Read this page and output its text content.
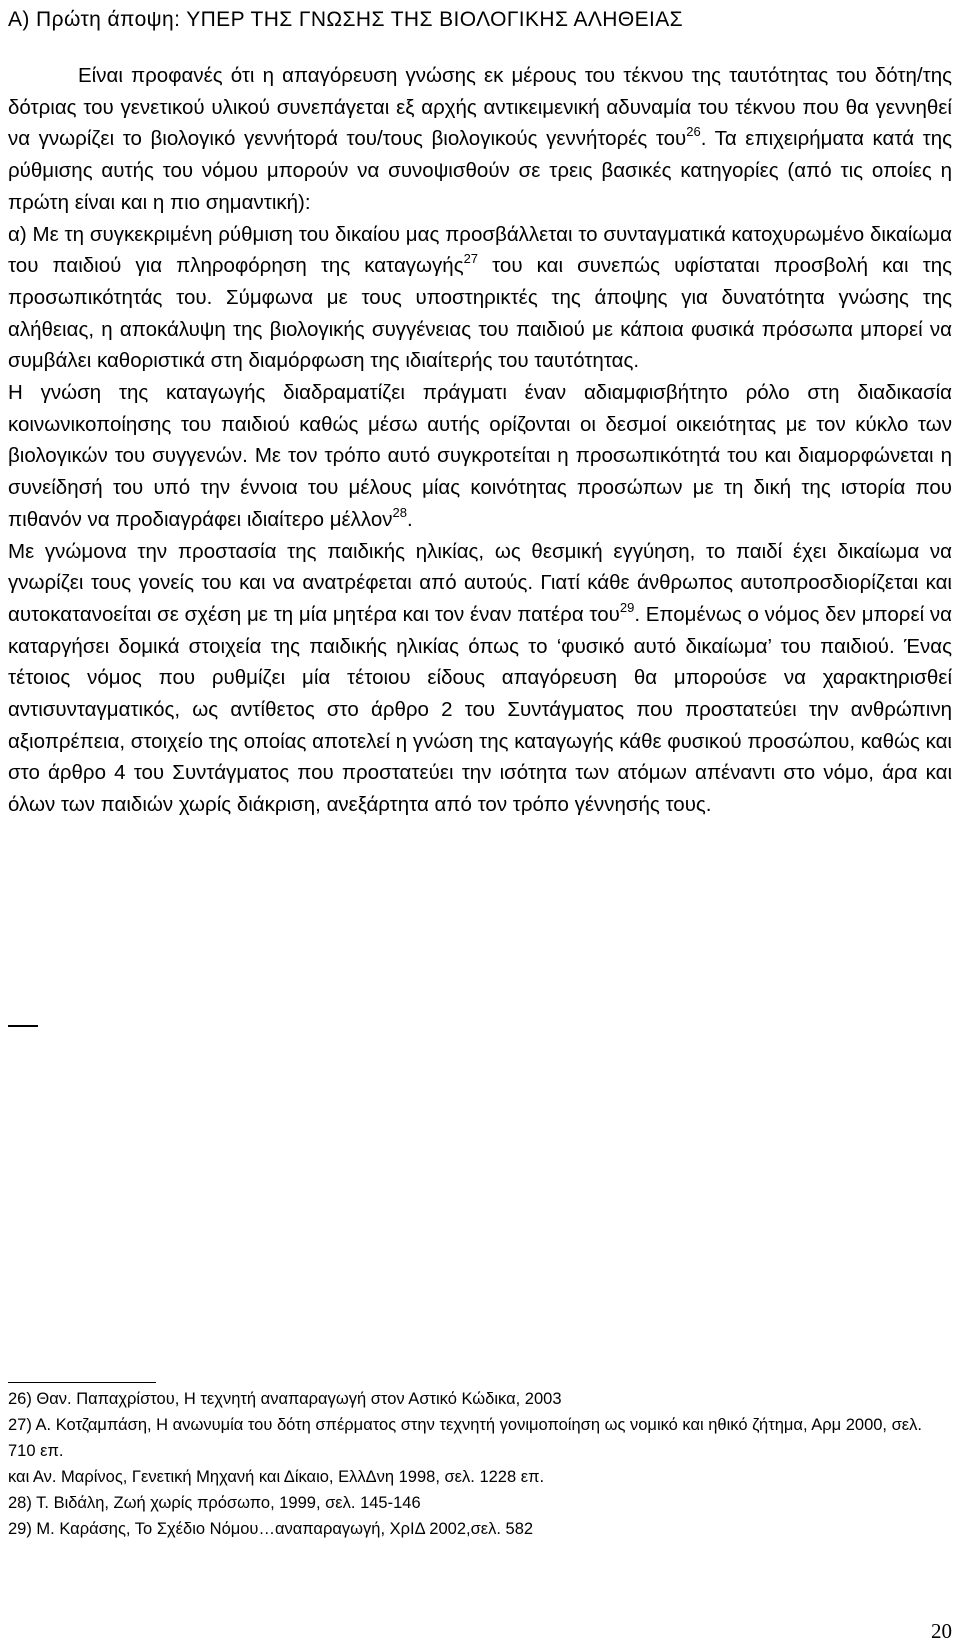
A) Πρώτη άποψη: ΥΠΕΡ ΤΗΣ ΓΝΩΣΗΣ ΤΗΣ ΒΙΟΛΟΓΙΚΗΣ ΑΛΗΘΕΙΑΣ

Είναι προφανές ότι η απαγόρευση γνώσης εκ μέρους του τέκνου της ταυτότητας του δότη/της δότριας του γενετικού υλικού συνεπάγεται εξ αρχής αντικειμενική αδυναμία του τέκνου που θα γεννηθεί να γνωρίζει το βιολογικό γεννήτορά του/τους βιολογικούς γεννήτορές του$^{26}$. Τα επιχειρήματα κατά της ρύθμισης αυτής του νόμου μπορούν να συνοψισθούν σε τρεις βασικές κατηγορίες (από τις οποίες η πρώτη είναι και η πιο σημαντική):

α) Με τη συγκεκριμένη ρύθμιση του δικαίου μας προσβάλλεται το συνταγματικά κατοχυρωμένο δικαίωμα του παιδιού για πληροφόρηση της καταγωγής$^{27}$ του και συνεπώς υφίσταται προσβολή και της προσωπικότητάς του. Σύμφωνα με τους υποστηρικτές της άποψης για δυνατότητα γνώσης της αλήθειας, η αποκάλυψη της βιολογικής συγγένειας του παιδιού με κάποια φυσικά πρόσωπα μπορεί να συμβάλει καθοριστικά στη διαμόρφωση της ιδιαίτερής του ταυτότητας.

Η γνώση της καταγωγής διαδραματίζει πράγματι έναν αδιαμφισβήτητο ρόλο στη διαδικασία κοινωνικοποίησης του παιδιού καθώς μέσω αυτής ορίζονται οι δεσμοί οικειότητας με τον κύκλο των βιολογικών του συγγενών. Με τον τρόπο αυτό συγκροτείται η προσωπικότητά του και διαμορφώνεται η συνείδησή του υπό την έννοια του μέλους μίας κοινότητας προσώπων με τη δική της ιστορία που πιθανόν να προδιαγράφει ιδιαίτερο μέλλον$^{28}$.

Με γνώμονα την προστασία της παιδικής ηλικίας, ως θεσμική εγγύηση, το παιδί έχει δικαίωμα να γνωρίζει τους γονείς του και να ανατρέφεται από αυτούς. Γιατί κάθε άνθρωπος αυτοπροσδιορίζεται και αυτοκατανοείται σε σχέση με τη μία μητέρα και τον έναν πατέρα του$^{29}$. Επομένως ο νόμος δεν μπορεί να καταργήσει δομικά στοιχεία της παιδικής ηλικίας όπως το ‘φυσικό αυτό δικαίωμα’ του παιδιού. Ένας τέτοιος νόμος που ρυθμίζει μία τέτοιου είδους απαγόρευση θα μπορούσε να χαρακτηρισθεί αντισυνταγματικός, ως αντίθετος στο άρθρο 2 του Συντάγματος που προστατεύει την ανθρώπινη αξιοπρέπεια, στοιχείο της οποίας αποτελεί η γνώση της καταγωγής κάθε φυσικού προσώπου, καθώς και στο άρθρο 4 του Συντάγματος που προστατεύει την ισότητα των ατόμων απέναντι στο νόμο, άρα και όλων των παιδιών χωρίς διάκριση, ανεξάρτητα από τον τρόπο γέννησής τους.

26) Θαν. Παπαχρίστου, Η τεχνητή αναπαραγωγή στον Αστικό Κώδικα, 2003

27) Α. Κοτζαμπάση, Η ανωνυμία του δότη σπέρματος στην τεχνητή γονιμοποίηση ως νομικό και ηθικό ζήτημα, Αρμ 2000, σελ. 710 επ.

και Αν. Μαρίνος, Γενετική Μηχανή και Δίκαιο, ΕλλΔνη 1998, σελ. 1228 επ.

28) Τ. Βιδάλη, Ζωή χωρίς πρόσωπο, 1999, σελ. 145-146

29) Μ. Καράσης, Το Σχέδιο Νόμου…αναπαραγωγή, ΧρΙΔ 2002,σελ. 582

20
